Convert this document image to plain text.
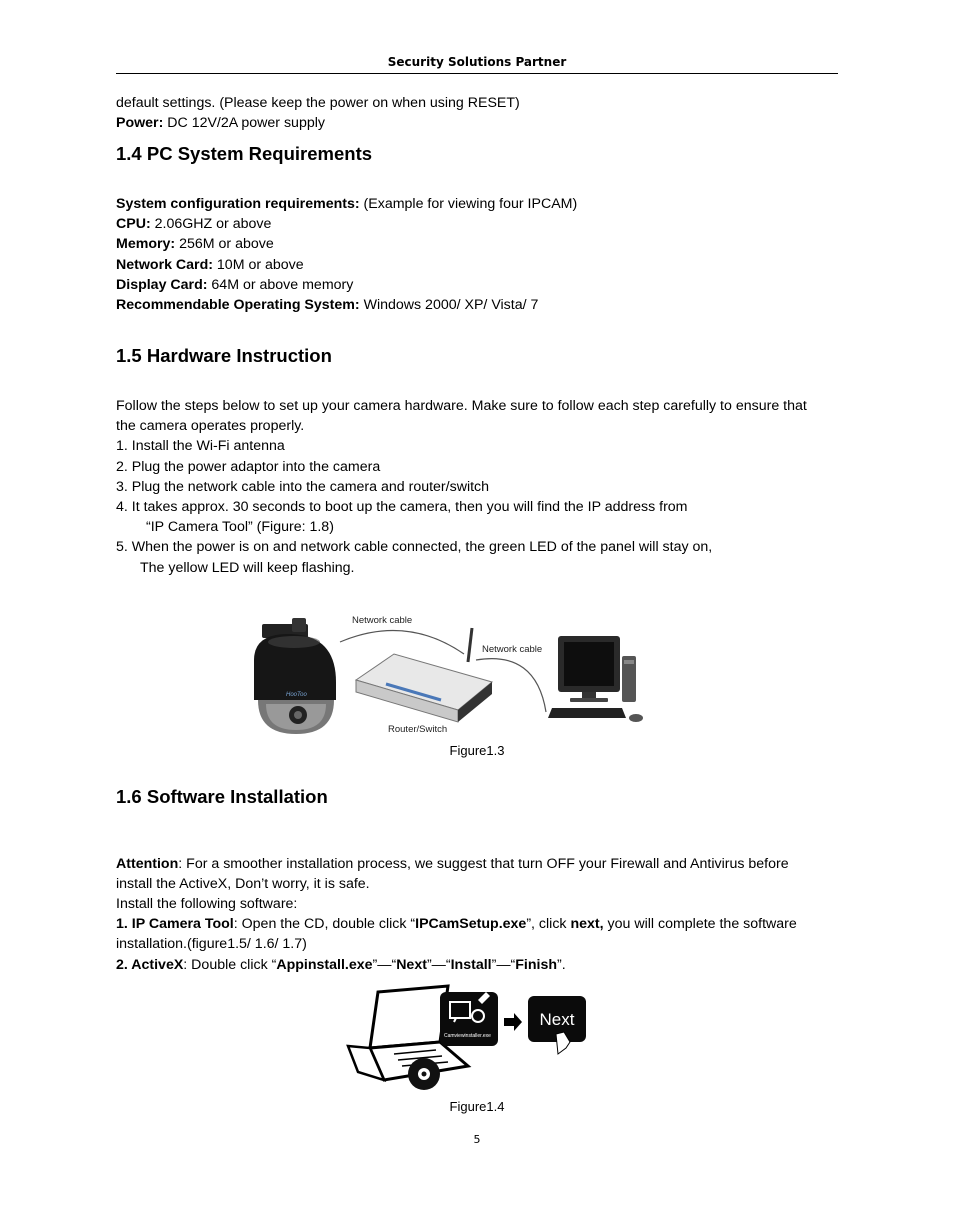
Security Solutions Partner
default settings. (Please keep the power on when using RESET)
Power: DC 12V/2A power supply
1.4 PC System Requirements
System configuration requirements: (Example for viewing four IPCAM)
CPU: 2.06GHZ or above
Memory: 256M or above
Network Card: 10M or above
Display Card: 64M or above memory
Recommendable Operating System: Windows 2000/ XP/ Vista/ 7
1.5 Hardware Instruction
Follow the steps below to set up your camera hardware. Make sure to follow each step carefully to ensure that
the camera operates properly.
1. Install the Wi-Fi antenna
2. Plug the power adaptor into the camera
3. Plug the network cable into the camera and router/switch
4. It takes approx. 30 seconds to boot up the camera, then you will find the IP address from
“IP Camera Tool” (Figure: 1.8)
5. When the power is on and network cable connected, the green LED of the panel will stay on,
The yellow LED will keep flashing.
Network cable
Network cable
HooToo
Router/Switch
Figure1.3
1.6 Software Installation
Attention: For a smoother installation process, we suggest that turn OFF your Firewall and Antivirus before
install the ActiveX, Don’t worry, it is safe.
Install the following software:
1. IP Camera Tool: Open the CD, double click “IPCamSetup.exe”, click next, you will complete the software
installation.(figure1.5/ 1.6/ 1.7)
2. ActiveX: Double click “Appinstall.exe”—“Next”—“Install”—“Finish”.
Camviewinstaller.exe
Next
Figure1.4
5
